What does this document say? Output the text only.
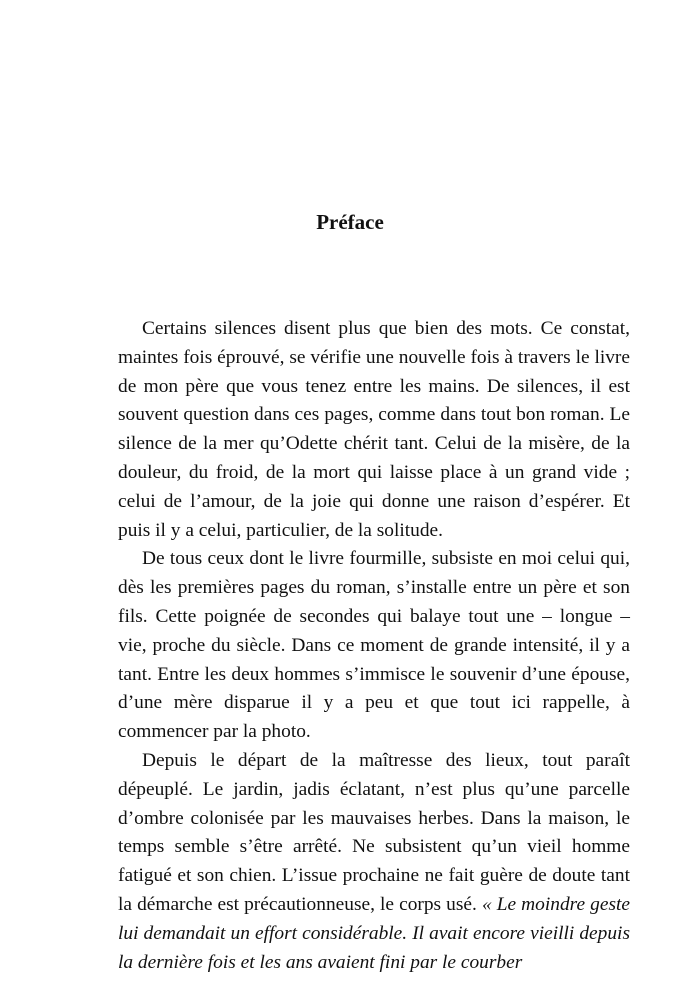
Préface

Certains silences disent plus que bien des mots. Ce constat, maintes fois éprouvé, se vérifie une nouvelle fois à travers le livre de mon père que vous tenez entre les mains. De silences, il est souvent question dans ces pages, comme dans tout bon roman. Le silence de la mer qu’Odette chérit tant. Celui de la misère, de la douleur, du froid, de la mort qui laisse place à un grand vide ; celui de l’amour, de la joie qui donne une raison d’espérer. Et puis il y a celui, particulier, de la solitude.

De tous ceux dont le livre fourmille, subsiste en moi celui qui, dès les premières pages du roman, s’installe entre un père et son fils. Cette poignée de secondes qui balaye tout une – longue – vie, proche du siècle. Dans ce moment de grande intensité, il y a tant. Entre les deux hommes s’immisce le souvenir d’une épouse, d’une mère disparue il y a peu et que tout ici rappelle, à commencer par la photo.

Depuis le départ de la maîtresse des lieux, tout paraît dépeuplé. Le jardin, jadis éclatant, n’est plus qu’une parcelle d’ombre colonisée par les mauvaises herbes. Dans la maison, le temps semble s’être arrêté. Ne subsistent qu’un vieil homme fatigué et son chien. L’issue prochaine ne fait guère de doute tant la démarche est précautionneuse, le corps usé. « Le moindre geste lui demandait un effort considérable. Il avait encore vieilli depuis la dernière fois et les ans avaient fini par le courber
